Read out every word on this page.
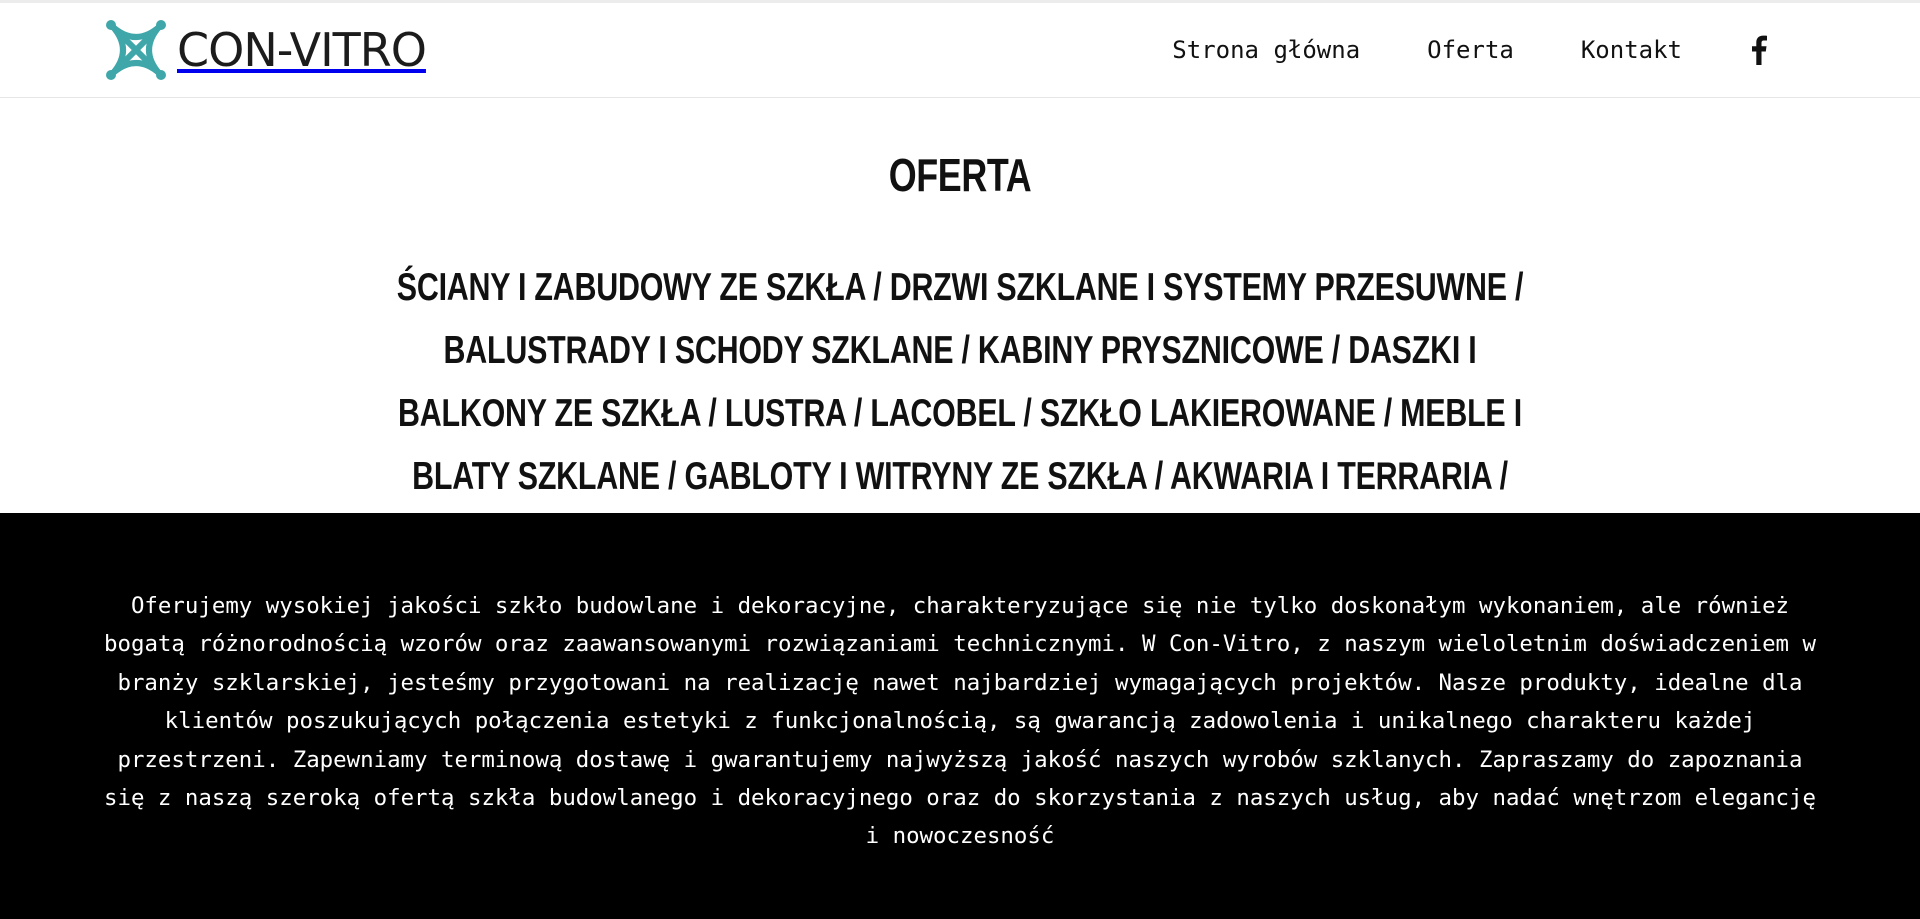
CON-VITRO	Strona główna	Oferta	Kontakt
OFERTA
ŚCIANY I ZABUDOWY ZE SZKŁA / DRZWI SZKLANE I SYSTEMY PRZESUWNE / BALUSTRADY I SCHODY SZKLANE / KABINY PRYSZNICOWE / DASZKI I BALKONY ZE SZKŁA / LUSTRA / LACOBEL / SZKŁO LAKIEROWANE / MEBLE I BLATY SZKLANE / GABLOTY I WITRYNY ZE SZKŁA / AKWARIA I TERRARIA /

Oferujemy wysokiej jakości szkło budowlane i dekoracyjne, charakteryzujące się nie tylko doskonałym wykonaniem, ale również bogatą różnorodnością wzorów oraz zaawansowanymi rozwiązaniami technicznymi. W Con-Vitro, z naszym wieloletnim doświadczeniem w branży szklarskiej, jesteśmy przygotowani na realizację nawet najbardziej wymagających projektów. Nasze produkty, idealne dla klientów poszukujących połączenia estetyki z funkcjonalnością, są gwarancją zadowolenia i unikalnego charakteru każdej przestrzeni. Zapewniamy terminową dostawę i gwarantujemy najwyższą jakość naszych wyrobów szklanych. Zapraszamy do zapoznania się z naszą szeroką ofertą szkła budowlanego i dekoracyjnego oraz do skorzystania z naszych usług, aby nadać wnętrzom elegancję i nowoczesność
